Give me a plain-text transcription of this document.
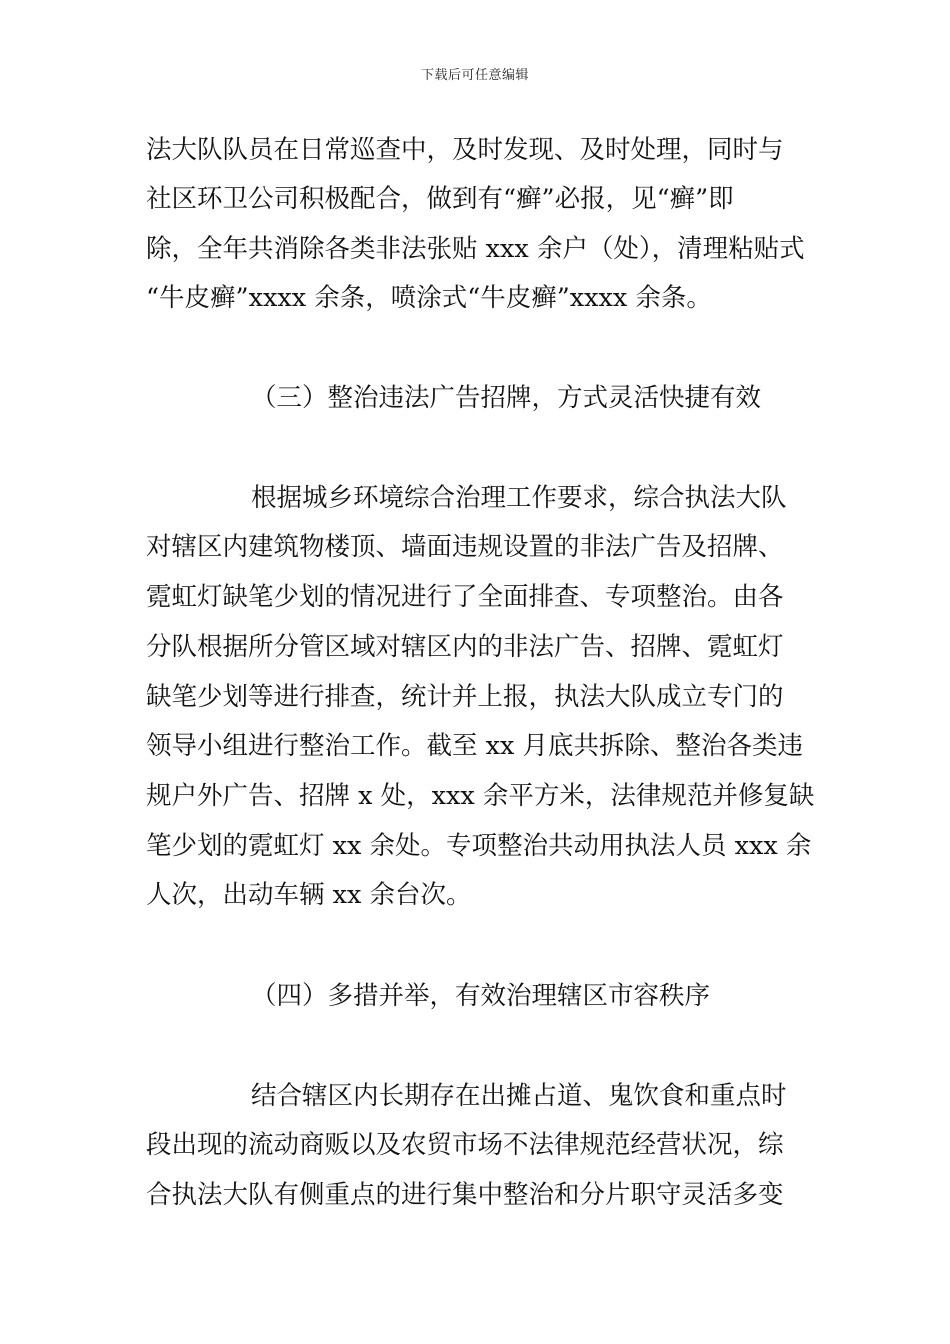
下载后可任意编辑
法大队队员在日常巡查中，及时发现、及时处理，同时与
社区环卫公司积极配合，做到有“癣”必报，见“癣”即
除，全年共消除各类非法张贴 xxx 余户（处），清理粘贴式
“牛皮癣”xxxx 余条，喷涂式“牛皮癣”xxxx 余条。
（三）整治违法广告招牌，方式灵活快捷有效
根据城乡环境综合治理工作要求，综合执法大队
对辖区内建筑物楼顶、墙面违规设置的非法广告及招牌、
霓虹灯缺笔少划的情况进行了全面排查、专项整治。由各
分队根据所分管区域对辖区内的非法广告、招牌、霓虹灯
缺笔少划等进行排查，统计并上报，执法大队成立专门的
领导小组进行整治工作。截至 xx 月底共拆除、整治各类违
规户外广告、招牌 x 处，xxx 余平方米，法律规范并修复缺
笔少划的霓虹灯 xx 余处。专项整治共动用执法人员 xxx 余
人次，出动车辆 xx 余台次。
（四）多措并举，有效治理辖区市容秩序
结合辖区内长期存在出摊占道、鬼饮食和重点时
段出现的流动商贩以及农贸市场不法律规范经营状况，综
合执法大队有侧重点的进行集中整治和分片职守灵活多变
